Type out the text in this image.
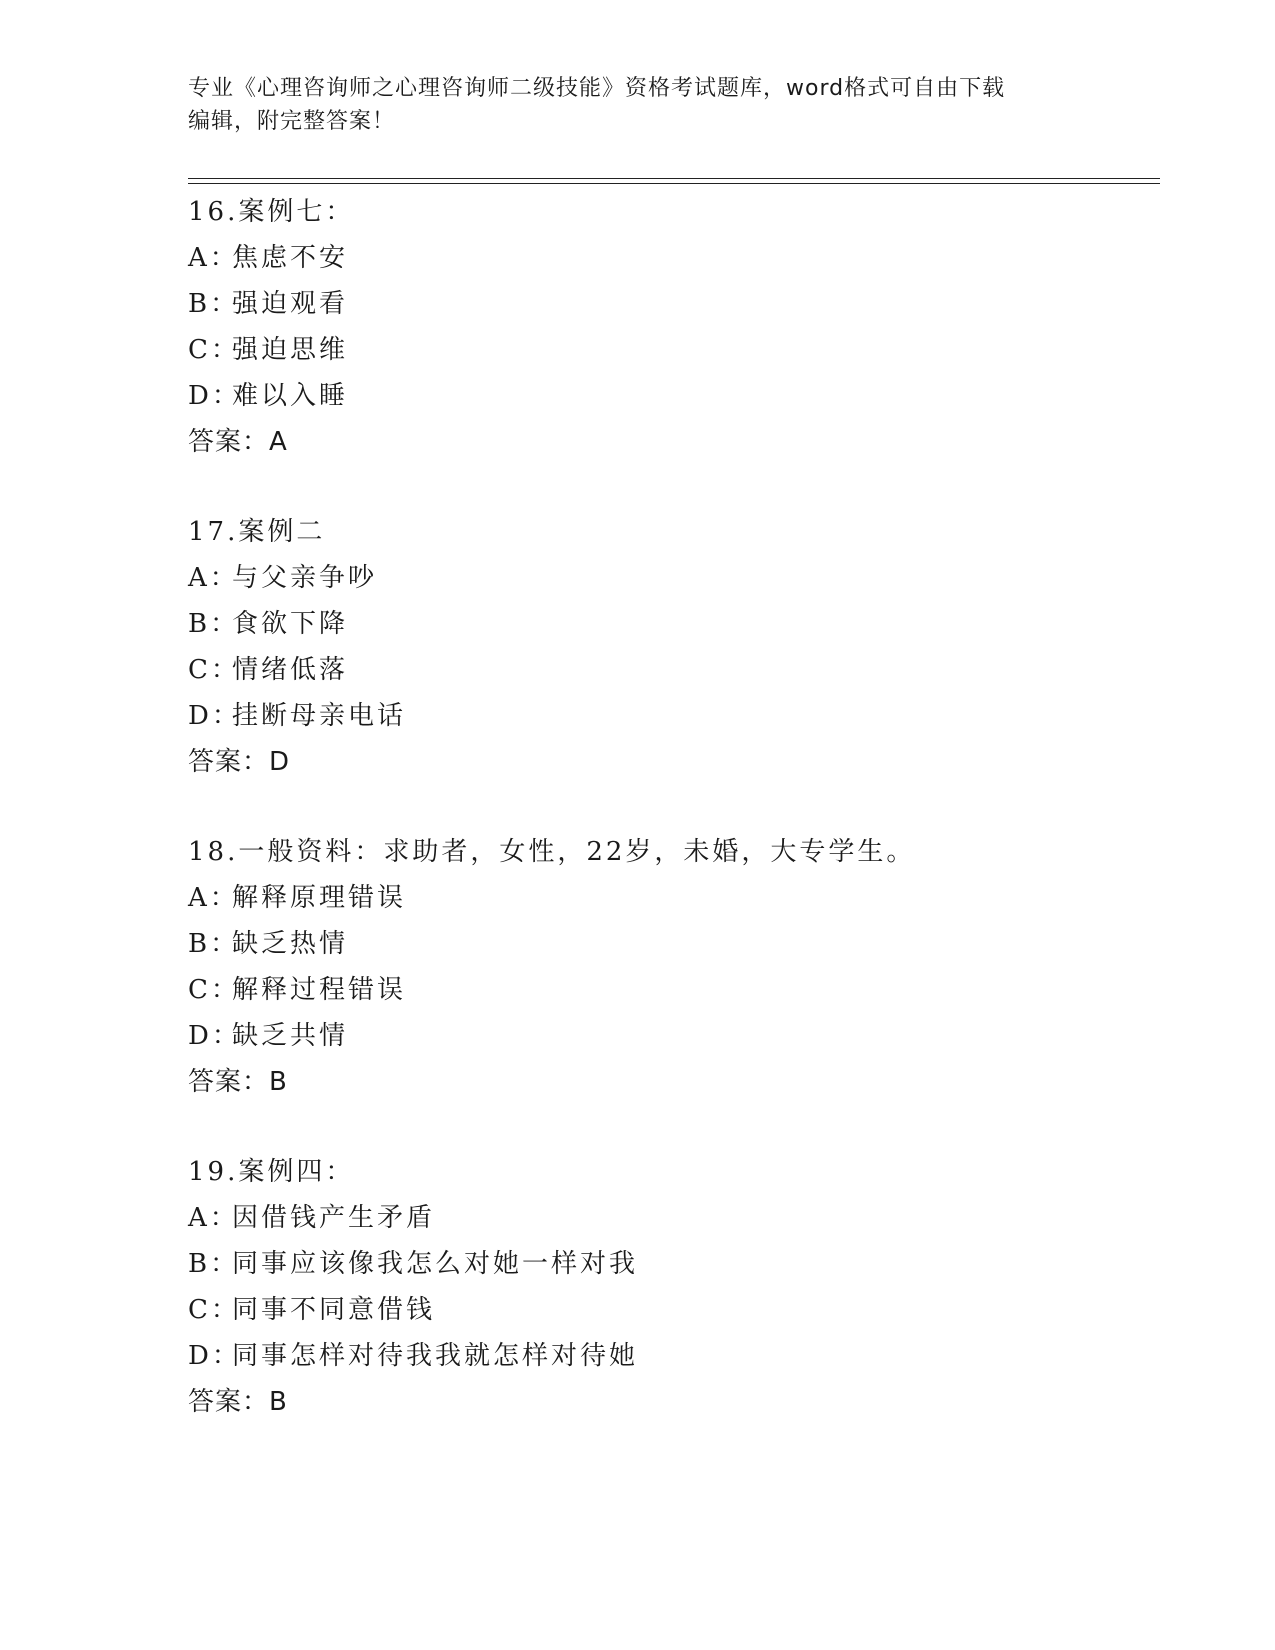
专业《心理咨询师之心理咨询师二级技能》资格考试题库，word格式可自由下载
编辑，附完整答案！
16.案例七：
A：焦虑不安
B：强迫观看
C：强迫思维
D：难以入睡
答案：A
17.案例二
A：与父亲争吵
B：食欲下降
C：情绪低落
D：挂断母亲电话
答案：D
18.一般资料：求助者，女性，22岁，未婚，大专学生。
A：解释原理错误
B：缺乏热情
C：解释过程错误
D：缺乏共情
答案：B
19.案例四：
A：因借钱产生矛盾
B：同事应该像我怎么对她一样对我
C：同事不同意借钱
D：同事怎样对待我我就怎样对待她
答案：B
